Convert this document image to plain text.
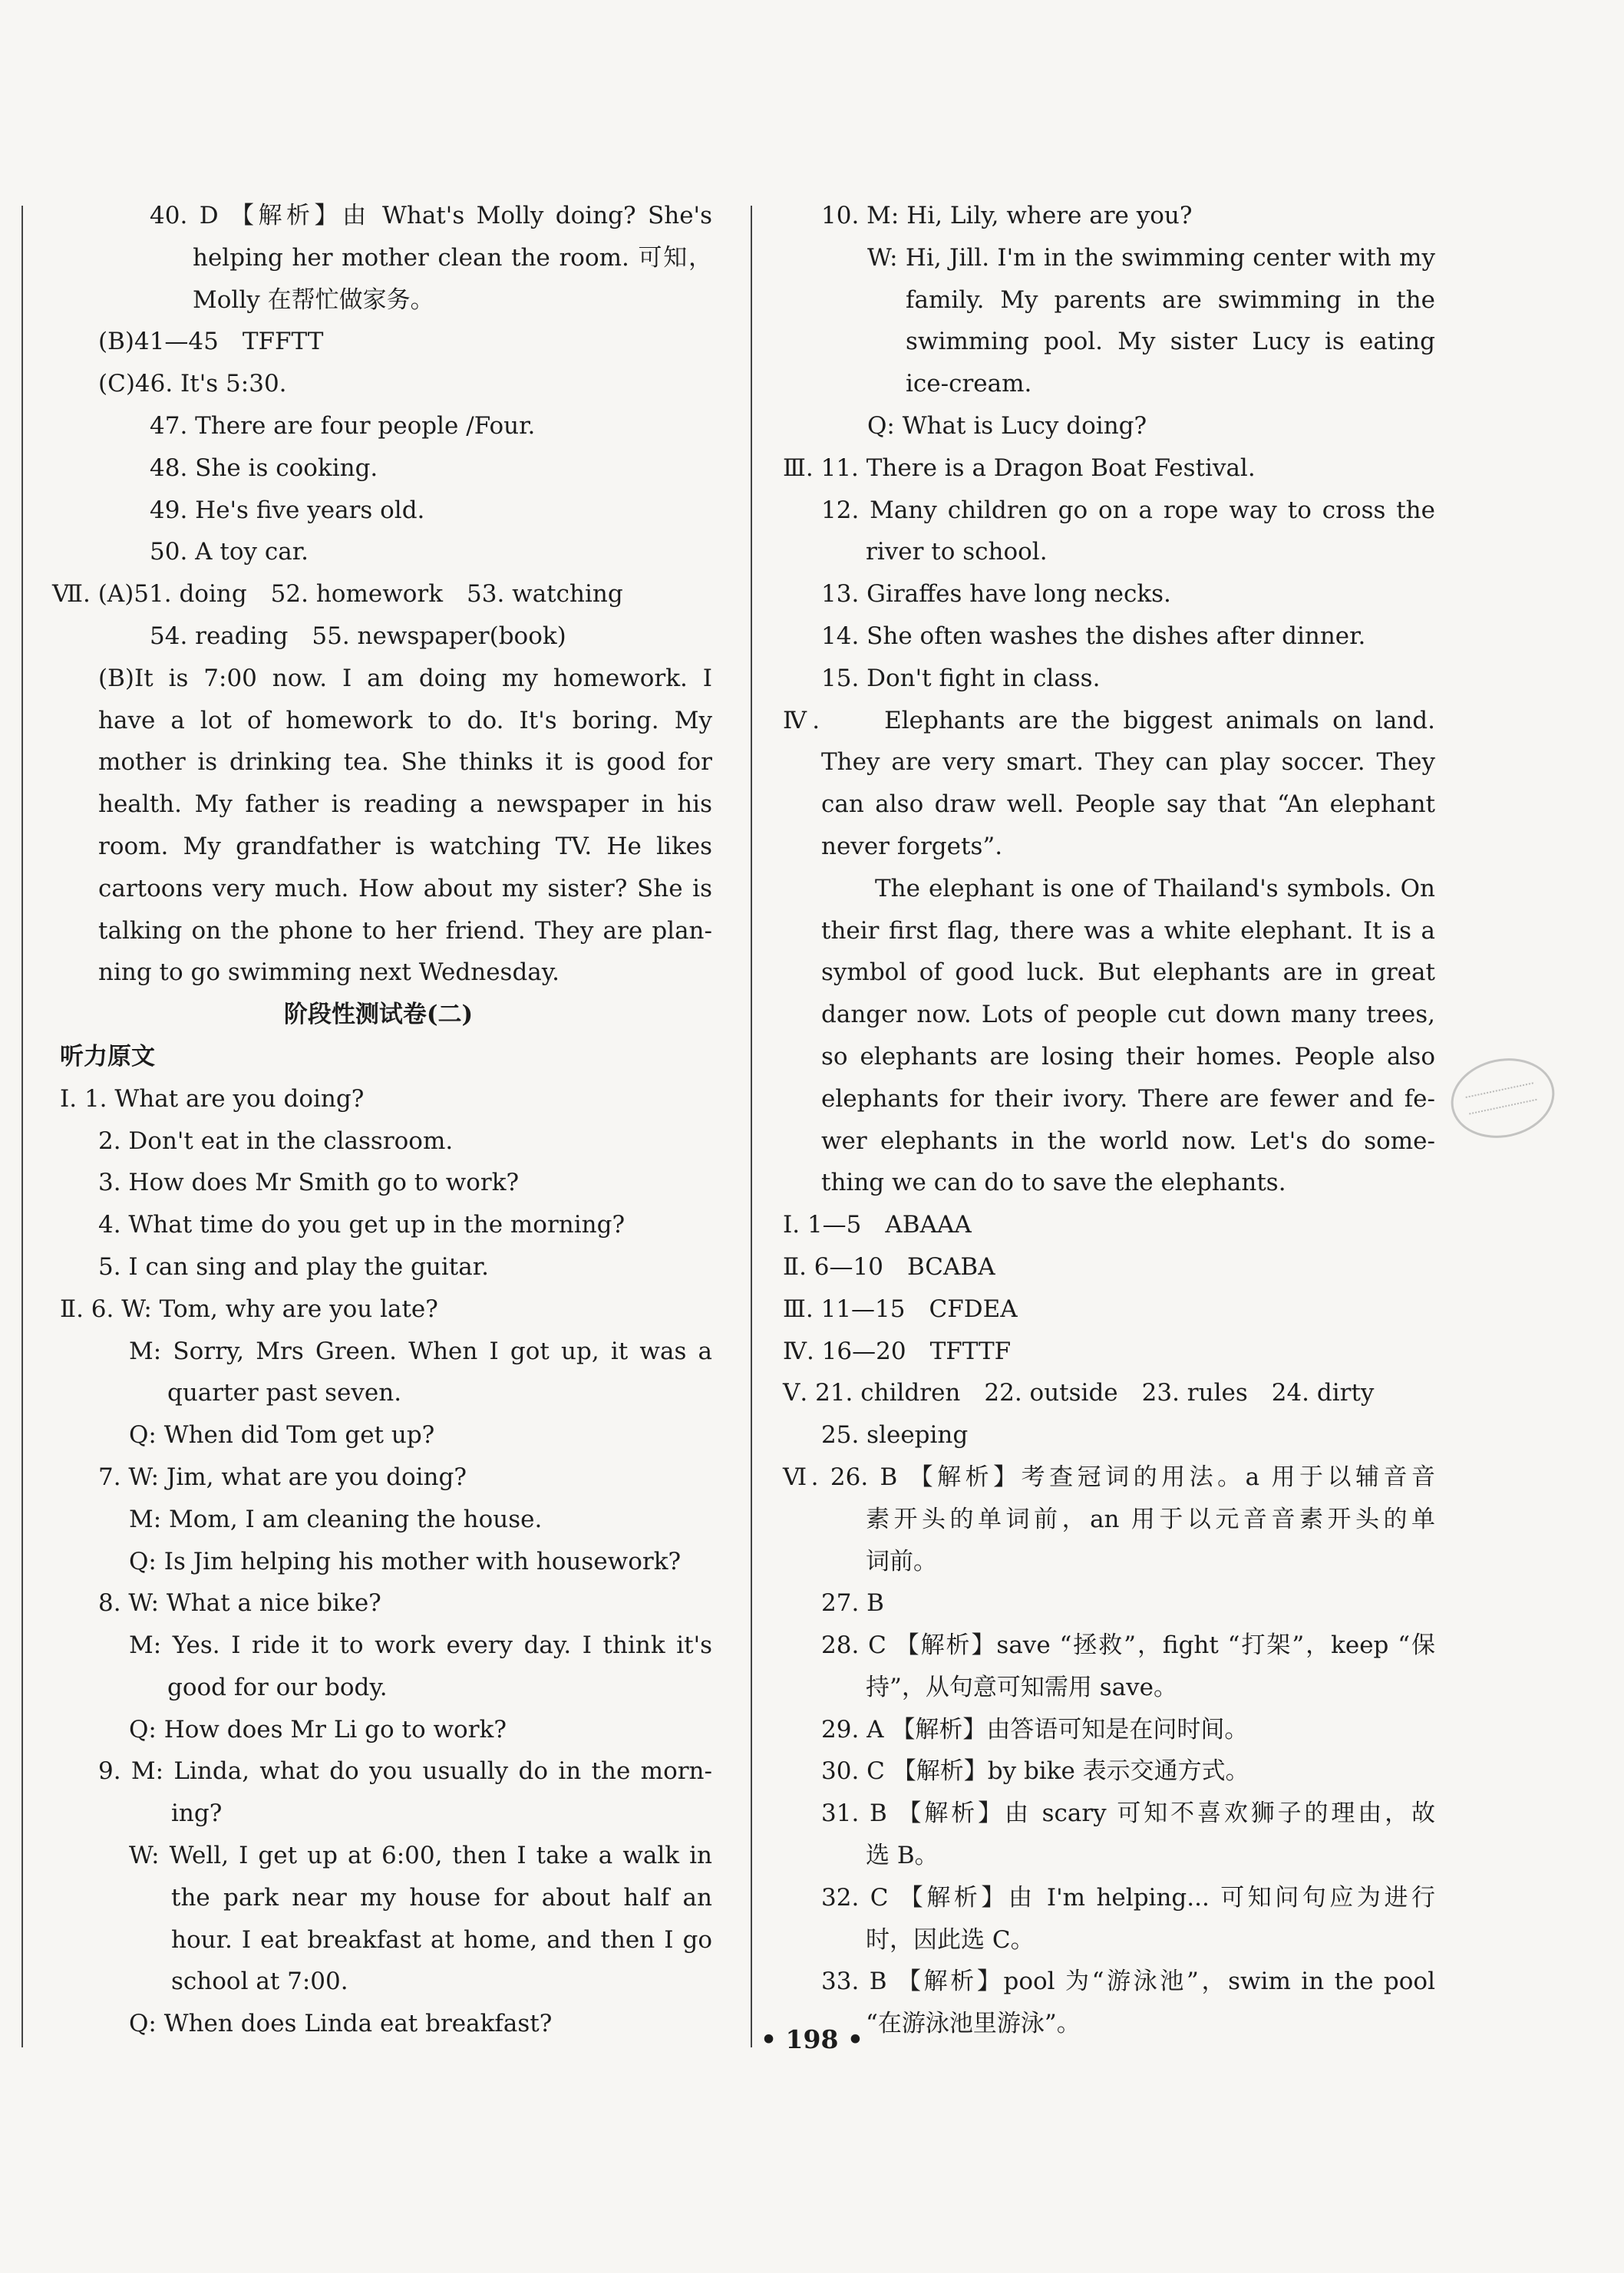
40. D 【解析】由 What's Molly doing? She's
helping her mother clean the room. 可知，
Molly 在帮忙做家务。
(B)41—45　TFFTT
(C)46. It's 5:30.
47. There are four people /Four.
48. She is cooking.
49. He's five years old.
50. A toy car.
Ⅶ. (A)51. doing　52. homework　53. watching
54. reading　55. newspaper(book)
(B)It is 7:00 now. I am doing my homework. I
have a lot of homework to do. It's boring. My
mother is drinking tea. She thinks it is good for
health. My father is reading a newspaper in his
room. My grandfather is watching TV. He likes
cartoons very much. How about my sister? She is
talking on the phone to her friend. They are plan-
ning to go swimming next Wednesday.
阶段性测试卷(二)
听力原文
Ⅰ. 1. What are you doing?
2. Don't eat in the classroom.
3. How does Mr Smith go to work?
4. What time do you get up in the morning?
5. I can sing and play the guitar.
Ⅱ. 6. W: Tom, why are you late?
M: Sorry, Mrs Green. When I got up, it was a
quarter past seven.
Q: When did Tom get up?
7. W: Jim, what are you doing?
M: Mom, I am cleaning the house.
Q: Is Jim helping his mother with housework?
8. W: What a nice bike?
M: Yes. I ride it to work every day. I think it's
good for our body.
Q: How does Mr Li go to work?
9. M: Linda, what do you usually do in the morn-
ing?
W: Well, I get up at 6:00, then I take a walk in
the park near my house for about half an
hour. I eat breakfast at home, and then I go
school at 7:00.
Q: When does Linda eat breakfast?
10. M: Hi, Lily, where are you?
W: Hi, Jill. I'm in the swimming center with my
family. My parents are swimming in the
swimming pool. My sister Lucy is eating
ice-cream.
Q: What is Lucy doing?
Ⅲ. 11. There is a Dragon Boat Festival.
12. Many children go on a rope way to cross the
river to school.
13. Giraffes have long necks.
14. She often washes the dishes after dinner.
15. Don't fight in class.
Ⅳ.　　Elephants are the biggest animals on land.
They are very smart. They can play soccer. They
can also draw well. People say that “An elephant
never forgets”.
The elephant is one of Thailand's symbols. On
their first flag, there was a white elephant. It is a
symbol of good luck. But elephants are in great
danger now. Lots of people cut down many trees,
so elephants are losing their homes. People also
elephants for their ivory. There are fewer and fe-
wer elephants in the world now. Let's do some-
thing we can do to save the elephants.
Ⅰ. 1—5　ABAAA
Ⅱ. 6—10　BCABA
Ⅲ. 11—15　CFDEA
Ⅳ. 16—20　TFTTF
Ⅴ. 21. children　22. outside　23. rules　24. dirty
25. sleeping
Ⅵ. 26. B 【解析】考查冠词的用法。a 用于以辅音音
素开头的单词前，an 用于以元音音素开头的单
词前。
27. B
28. C 【解析】save “拯救”，fight “打架”，keep “保
持”，从句意可知需用 save。
29. A 【解析】由答语可知是在问时间。
30. C 【解析】by bike 表示交通方式。
31. B 【解析】由 scary 可知不喜欢狮子的理由，故
选 B。
32. C 【解析】由 I'm helping... 可知问句应为进行
时，因此选 C。
33. B 【解析】pool 为“游泳池”，swim in the pool
“在游泳池里游泳”。
• 198 •
